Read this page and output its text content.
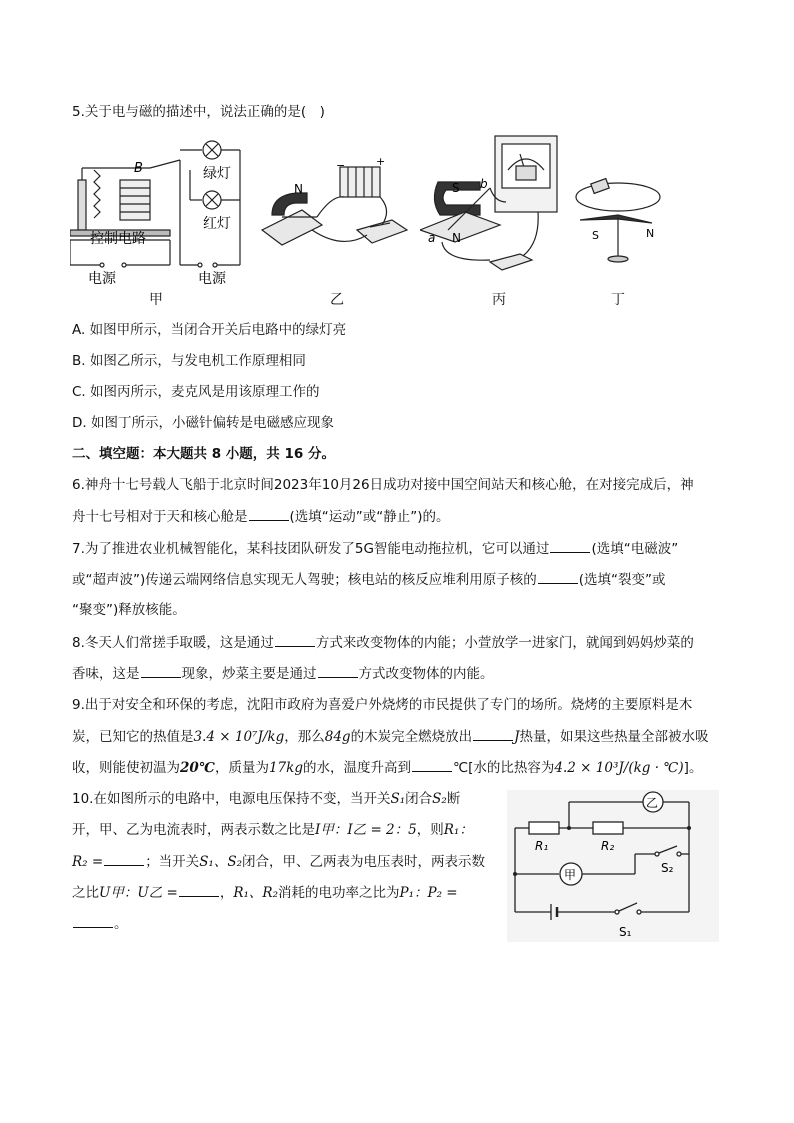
5.关于电与磁的描述中，说法正确的是(　)
B	绿灯
红灯
控制电路
电源	电源
N
−	+
S b
a N	S	N
甲	乙	丙	丁
A. 如图甲所示，当闭合开关后电路中的绿灯亮
B. 如图乙所示，与发电机工作原理相同
C. 如图丙所示，麦克风是用该原理工作的
D. 如图丁所示，小磁针偏转是电磁感应现象
二、填空题：本大题共 8 小题，共 16 分。
6.神舟十七号载人飞船于北京时间2023年10月26日成功对接中国空间站天和核心舱，在对接完成后，神
舟十七号相对于天和核心舱是	(选填“运动”或“静止”)的。
7.为了推进农业机械智能化，某科技团队研发了5G智能电动拖拉机，它可以通过	(选填“电磁波”
或“超声波”)传递云端网络信息实现无人驾驶；核电站的核反应堆利用原子核的	(选填“裂变”或
“聚变”)释放核能。
8.冬天人们常搓手取暖，这是通过	方式来改变物体的内能；小萱放学一进家门，就闻到妈妈炒菜的
香味，这是	现象，炒菜主要是通过	方式改变物体的内能。
9.出于对安全和环保的考虑，沈阳市政府为喜爱户外烧烤的市民提供了专门的场所。烧烤的主要原料是木
炭，已知它的热值是3.4 × 10⁷J/kg，那么84g的木炭完全燃烧放出	J热量，如果这些热量全部被水吸
收，则能使初温为20℃，质量为17kg的水，温度升高到	℃[水的比热容为4.2 × 10³J/(kg · ℃)]。
10.在如图所示的电路中，电源电压保持不变，当开关S₁闭合S₂断
开，甲、乙为电流表时，两表示数之比是I甲：I乙 = 2：5，则R₁：
R₂ =	；当开关S₁、S₂闭合，甲、乙两表为电压表时，两表示数
之比U甲：U乙 =	，R₁、R₂消耗的电功率之比为P₁：P₂ =
。
乙
甲
R₁	R₂
S₁
S₂
